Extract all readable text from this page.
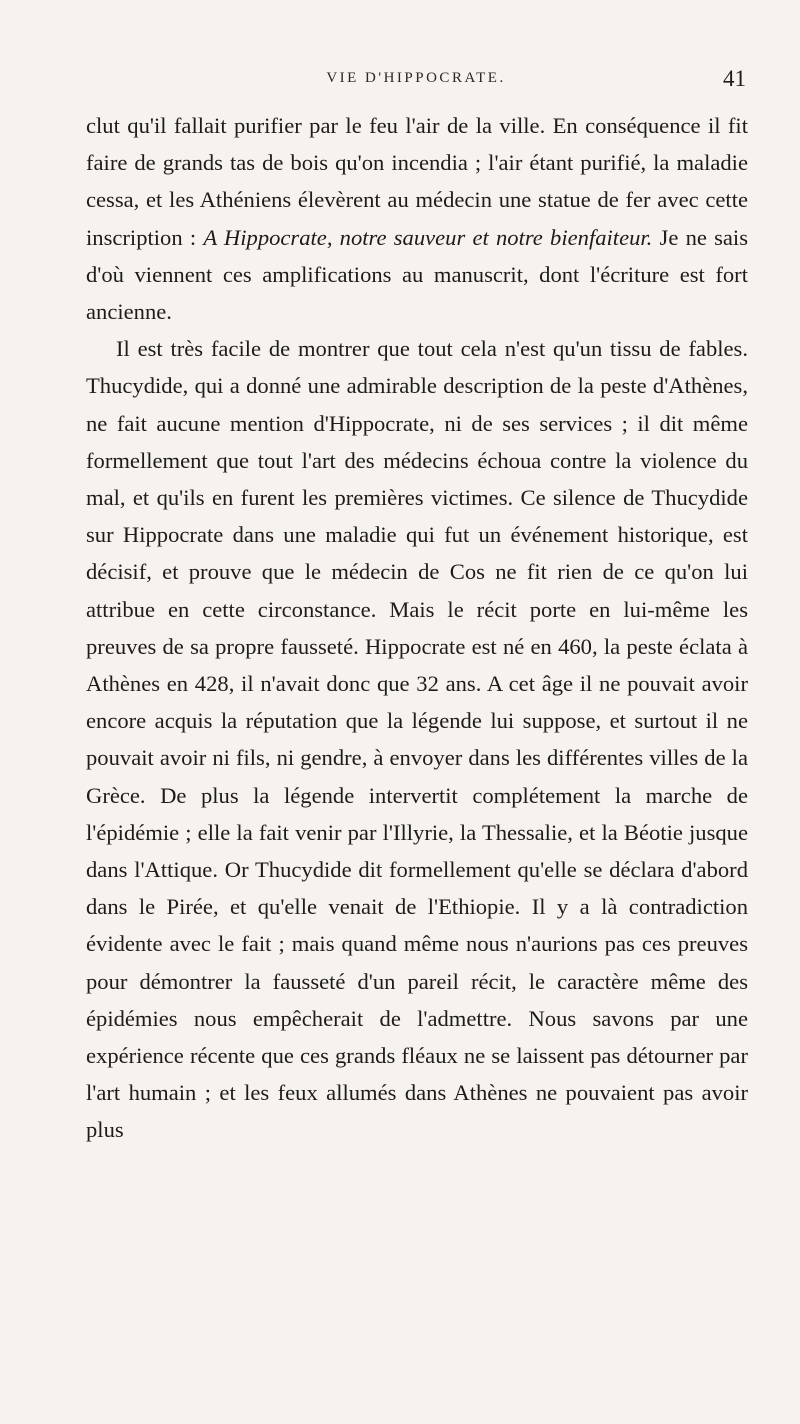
VIE D'HIPPOCRATE.	41

clut qu'il fallait purifier par le feu l'air de la ville. En conséquence il fit faire de grands tas de bois qu'on incendia ; l'air étant purifié, la maladie cessa, et les Athéniens élevèrent au médecin une statue de fer avec cette inscription : A Hippocrate, notre sauveur et notre bienfaiteur. Je ne sais d'où viennent ces amplifications au manuscrit, dont l'écriture est fort ancienne.

Il est très facile de montrer que tout cela n'est qu'un tissu de fables. Thucydide, qui a donné une admirable description de la peste d'Athènes, ne fait aucune mention d'Hippocrate, ni de ses services ; il dit même formellement que tout l'art des médecins échoua contre la violence du mal, et qu'ils en furent les premières victimes. Ce silence de Thucydide sur Hippocrate dans une maladie qui fut un événement historique, est décisif, et prouve que le médecin de Cos ne fit rien de ce qu'on lui attribue en cette circonstance. Mais le récit porte en lui-même les preuves de sa propre fausseté. Hippocrate est né en 460, la peste éclata à Athènes en 428, il n'avait donc que 32 ans. A cet âge il ne pouvait avoir encore acquis la réputation que la légende lui suppose, et surtout il ne pouvait avoir ni fils, ni gendre, à envoyer dans les différentes villes de la Grèce. De plus la légende intervertit complétement la marche de l'épidémie ; elle la fait venir par l'Illyrie, la Thessalie, et la Béotie jusque dans l'Attique. Or Thucydide dit formellement qu'elle se déclara d'abord dans le Pirée, et qu'elle venait de l'Ethiopie. Il y a là contradiction évidente avec le fait ; mais quand même nous n'aurions pas ces preuves pour démontrer la fausseté d'un pareil récit, le caractère même des épidémies nous empêcherait de l'admettre. Nous savons par une expérience récente que ces grands fléaux ne se laissent pas détourner par l'art humain ; et les feux allumés dans Athènes ne pouvaient pas avoir plus
